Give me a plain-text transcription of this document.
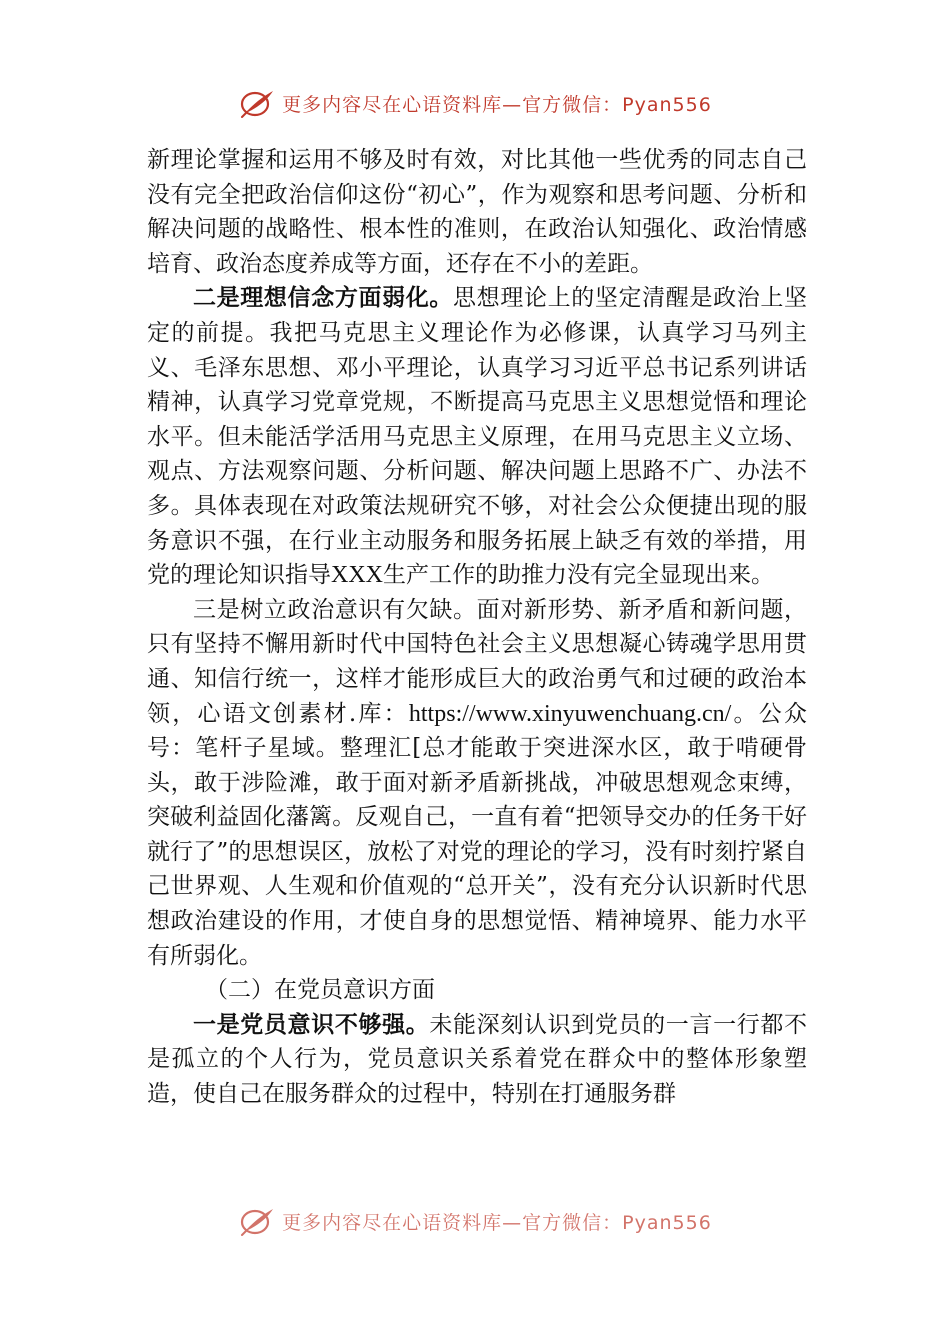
更多内容尽在心语资料库—官方微信：Pyan556

新理论掌握和运用不够及时有效，对比其他一些优秀的同志自己没有完全把政治信仰这份“初心”，作为观察和思考问题、分析和解决问题的战略性、根本性的准则，在政治认知强化、政治情感培育、政治态度养成等方面，还存在不小的差距。

二是理想信念方面弱化。思想理论上的坚定清醒是政治上坚定的前提。我把马克思主义理论作为必修课，认真学习马列主义、毛泽东思想、邓小平理论，认真学习习近平总书记系列讲话精神，认真学习党章党规，不断提高马克思主义思想觉悟和理论水平。但未能活学活用马克思主义原理，在用马克思主义立场、观点、方法观察问题、分析问题、解决问题上思路不广、办法不多。具体表现在对政策法规研究不够，对社会公众便捷出现的服务意识不强，在行业主动服务和服务拓展上缺乏有效的举措，用党的理论知识指导XXX生产工作的助推力没有完全显现出来。

三是树立政治意识有欠缺。面对新形势、新矛盾和新问题，只有坚持不懈用新时代中国特色社会主义思想凝心铸魂学思用贯通、知信行统一，这样才能形成巨大的政治勇气和过硬的政治本领，心语文创素材.库：https://www.xinyuwenchuang.cn/。公众号：笔杆子星域。整理汇[总才能敢于突进深水区，敢于啃硬骨头，敢于涉险滩，敢于面对新矛盾新挑战，冲破思想观念束缚，突破利益固化藩篱。反观自己，一直有着“把领导交办的任务干好就行了”的思想误区，放松了对党的理论的学习，没有时刻拧紧自己世界观、人生观和价值观的“总开关”，没有充分认识新时代思想政治建设的作用，才使自身的思想觉悟、精神境界、能力水平有所弱化。

（二）在党员意识方面

一是党员意识不够强。未能深刻认识到党员的一言一行都不是孤立的个人行为，党员意识关系着党在群众中的整体形象塑造，使自己在服务群众的过程中，特别在打通服务群

更多内容尽在心语资料库—官方微信：Pyan556
